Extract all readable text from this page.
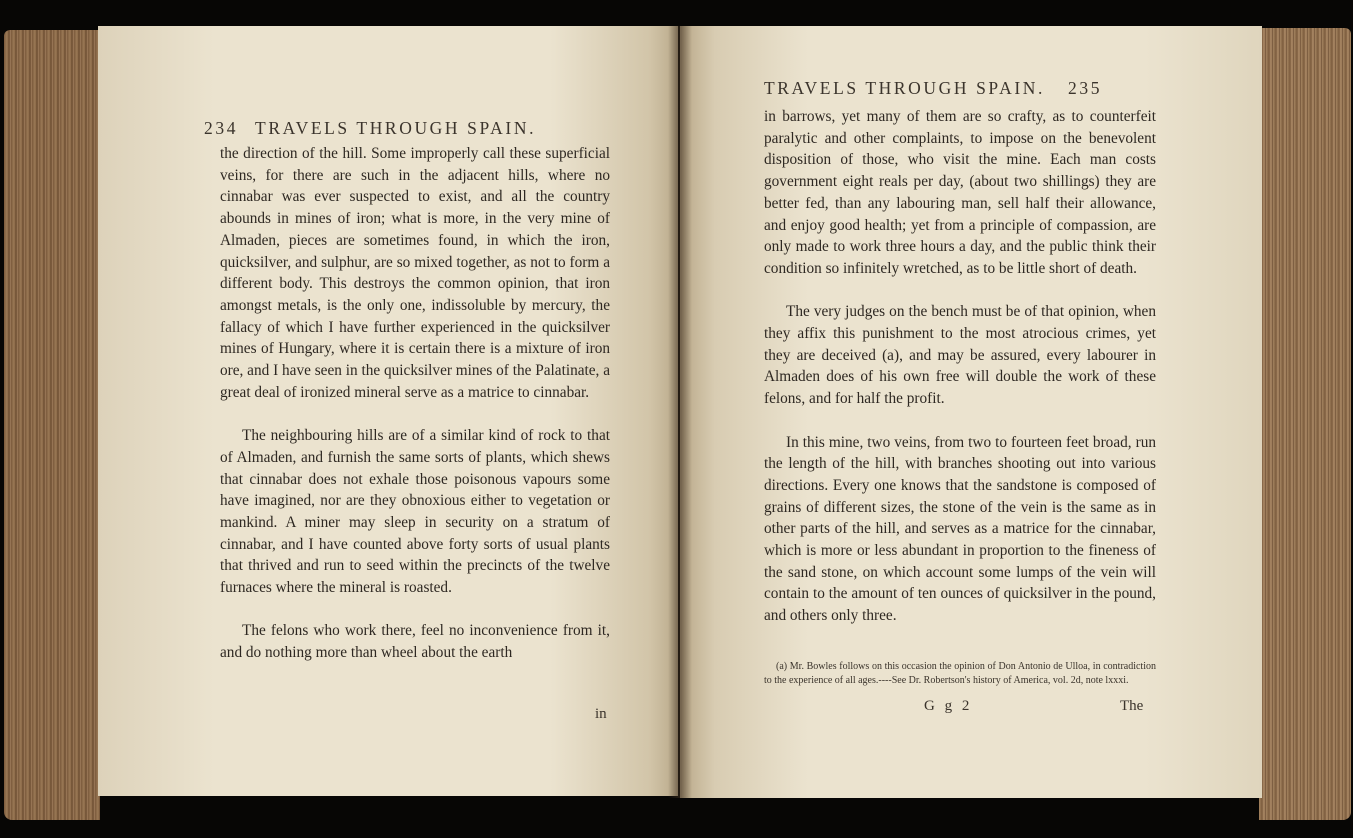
234 TRAVELS THROUGH SPAIN.

the direction of the hill. Some improperly call these superficial veins, for there are such in the adjacent hills, where no cinnabar was ever suspected to exist, and all the country abounds in mines of iron; what is more, in the very mine of Almaden, pieces are sometimes found, in which the iron, quicksilver, and sulphur, are so mixed together, as not to form a different body. This destroys the common opinion, that iron amongst metals, is the only one, indissoluble by mercury, the fallacy of which I have further experienced in the quicksilver mines of Hungary, where it is certain there is a mixture of iron ore, and I have seen in the quicksilver mines of the Palatinate, a great deal of ironized mineral serve as a matrice to cinnabar.

The neighbouring hills are of a similar kind of rock to that of Almaden, and furnish the same sorts of plants, which shews that cinnabar does not exhale those poisonous vapours some have imagined, nor are they obnoxious either to vegetation or mankind. A miner may sleep in security on a stratum of cinnabar, and I have counted above forty sorts of usual plants that thrived and run to seed within the precincts of the twelve furnaces where the mineral is roasted.

The felons who work there, feel no inconvenience from it, and do nothing more than wheel about the earth

in
TRAVELS THROUGH SPAIN. 235

in barrows, yet many of them are so crafty, as to counterfeit paralytic and other complaints, to impose on the benevolent disposition of those, who visit the mine. Each man costs government eight reals per day, (about two shillings) they are better fed, than any labouring man, sell half their allowance, and enjoy good health; yet from a principle of compassion, are only made to work three hours a day, and the public think their condition so infinitely wretched, as to be little short of death.

The very judges on the bench must be of that opinion, when they affix this punishment to the most atrocious crimes, yet they are deceived (a), and may be assured, every labourer in Almaden does of his own free will double the work of these felons, and for half the profit.

In this mine, two veins, from two to fourteen feet broad, run the length of the hill, with branches shooting out into various directions. Every one knows that the sandstone is composed of grains of different sizes, the stone of the vein is the same as in other parts of the hill, and serves as a matrice for the cinnabar, which is more or less abundant in proportion to the fineness of the sand stone, on which account some lumps of the vein will contain to the amount of ten ounces of quicksilver in the pound, and others only three.

(a) Mr. Bowles follows on this occasion the opinion of Don Antonio de Ulloa, in contradiction to the experience of all ages.----See Dr. Robertson's history of America, vol. 2d, note lxxxi.

G g 2	The
